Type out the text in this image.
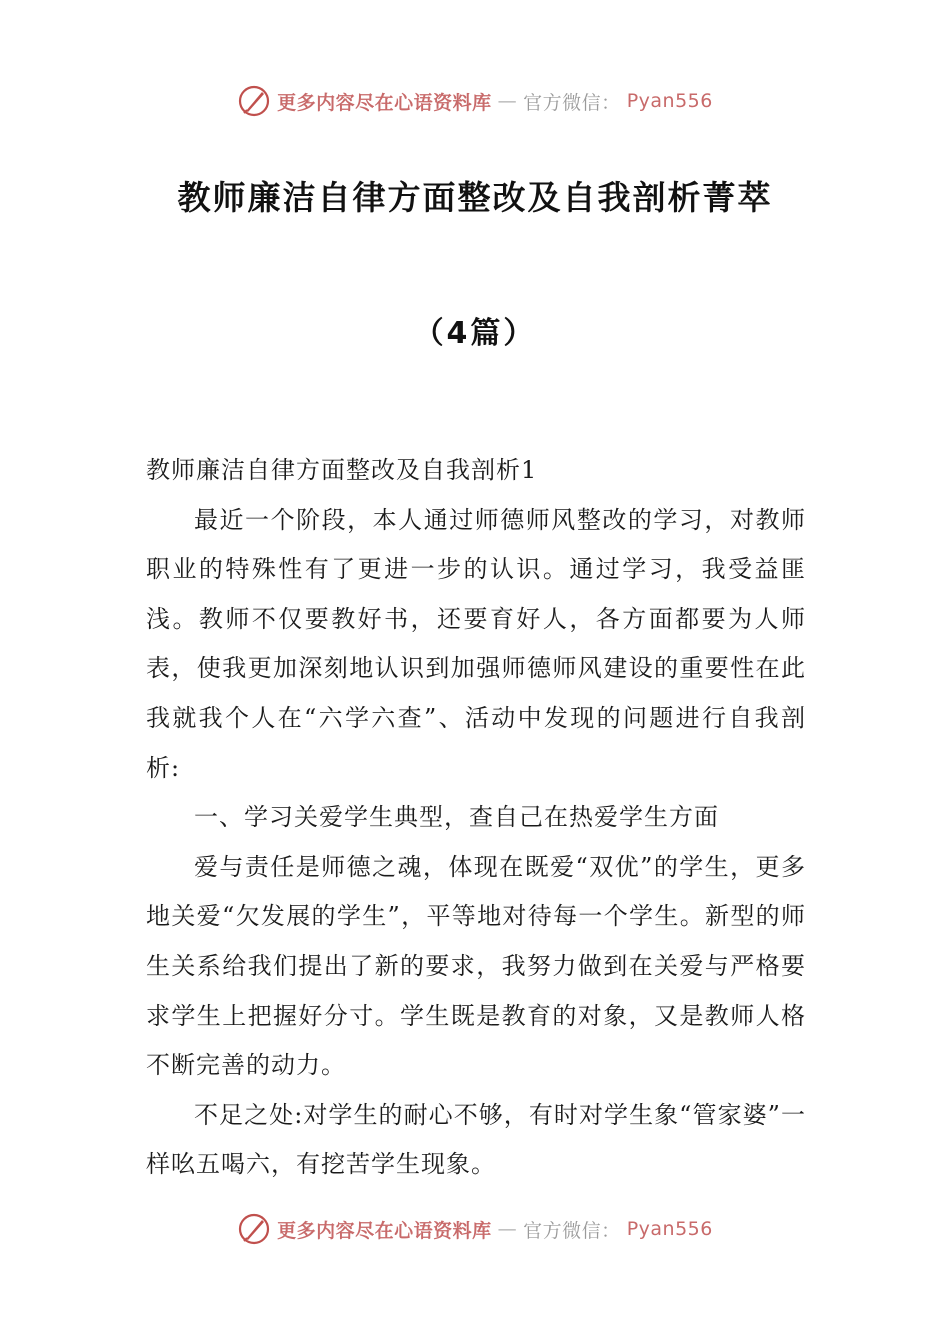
更多内容尽在心语资料库 — 官方微信： Pyan556
教师廉洁自律方面整改及自我剖析菁萃
（4篇）

教师廉洁自律方面整改及自我剖析1

最近一个阶段，本人通过师德师风整改的学习，对教师职业的特殊性有了更进一步的认识。通过学习，我受益匪浅。教师不仅要教好书，还要育好人，各方面都要为人师表，使我更加深刻地认识到加强师德师风建设的重要性在此我就我个人在“六学六查”、活动中发现的问题进行自我剖析:

一、学习关爱学生典型，查自己在热爱学生方面

爱与责任是师德之魂，体现在既爱“双优”的学生，更多地关爱“欠发展的学生”，平等地对待每一个学生。新型的师生关系给我们提出了新的要求，我努力做到在关爱与严格要求学生上把握好分寸。学生既是教育的对象，又是教师人格不断完善的动力。

不足之处:对学生的耐心不够，有时对学生象“管家婆”一样吆五喝六，有挖苦学生现象。

更多内容尽在心语资料库 — 官方微信： Pyan556
